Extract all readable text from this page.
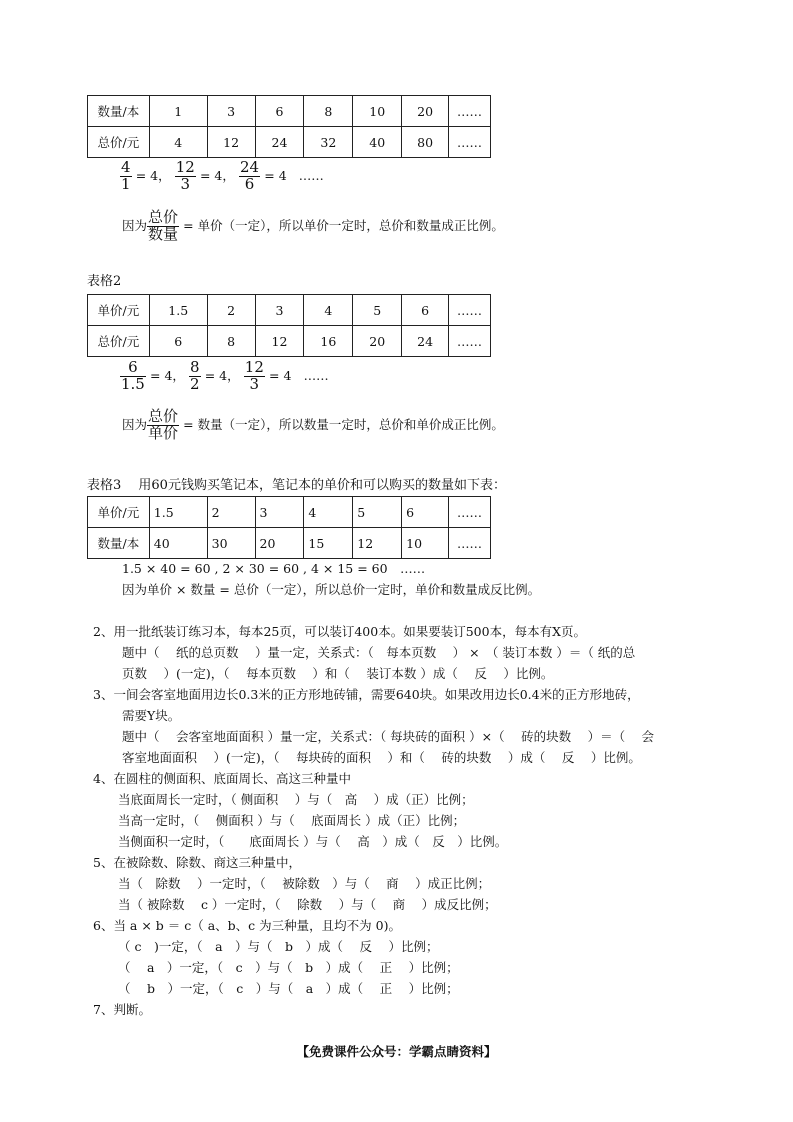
数量/本	1	3	6	8	10	20	……
总价/元	4	12	24	32	40	80	……
$\frac{4}{1} = 4$， $\frac{12}{3} = 4$， $\frac{24}{6} = 4$ ……
因为 $\frac{\text{总价}}{\text{数量}}$ = 单价（一定），所以单价一定时，总价和数量成正比例。
表格2
单价/元	1.5	2	3	4	5	6	……
总价/元	6	8	12	16	20	24	……
$\frac{6}{1.5} = 4$， $\frac{8}{2} = 4$， $\frac{12}{3} = 4$ ……
因为 $\frac{\text{总价}}{\text{单价}}$ = 数量（一定），所以数量一定时，总价和单价成正比例。
表格3　 用60元钱购买笔记本，笔记本的单价和可以购买的数量如下表：
单价/元	1.5	2	3	4	5	6	……
数量/本	40	30	20	15	12	10	……
1.5 × 40 = 60 , 2 × 30 = 60 , 4 × 15 = 60　……
因为单价 × 数量 = 总价（一定），所以总价一定时，单价和数量成反比例。
2、用一批纸装订练习本，每本25页，可以装订400本。如果要装订500本，每本有X页。
题中（　 纸的总页数　 ）量一定，关系式：（　每本页数　 ） ×　（ 装订本数 ）＝（ 纸的总
页数　 ）(一定)，（　 每本页数　 ）和（　 装订本数 ）成（　 反　 ）比例。
3、一间会客室地面用边长0.3米的正方形地砖铺，需要640块。如果改用边长0.4米的正方形地砖，
需要Y块。
题中（　 会客室地面面积 ）量一定，关系式：（ 每块砖的面积 ）×（　 砖的块数　 ）＝（　 会
客室地面面积　 ）(一定)，（　 每块砖的面积　 ）和（　 砖的块数　 ）成（　 反　 ）比例。
4、在圆柱的侧面积、底面周长、高这三种量中
当底面周长一定时，（ 侧面积　 ）与（　高　 ）成（正）比例；
当高一定时，（　 侧面积 ）与（　 底面周长 ）成（正）比例；
当侧面积一定时，（　　底面周长 ）与（　 高　）成（　反　）比例。
5、在被除数、除数、商这三种量中，
当（　除数　 ）一定时，（　 被除数　）与（　 商　 ）成正比例；
当（ 被除数　 c ）一定时，（　 除数　 ）与（　 商　 ）成反比例；
6、当 a × b ＝ c（ a、b、c 为三种量，且均不为 0)。
（ c　)一定，（　a　）与（　b　）成（　 反　 ）比例；
（　 a　）一定，（　c　）与（　b　）成（　 正　 ）比例；
（　 b　）一定，（　c　）与（　a　）成（　 正　 ）比例；
7、判断。
【免费课件公众号：学霸点睛资料】
